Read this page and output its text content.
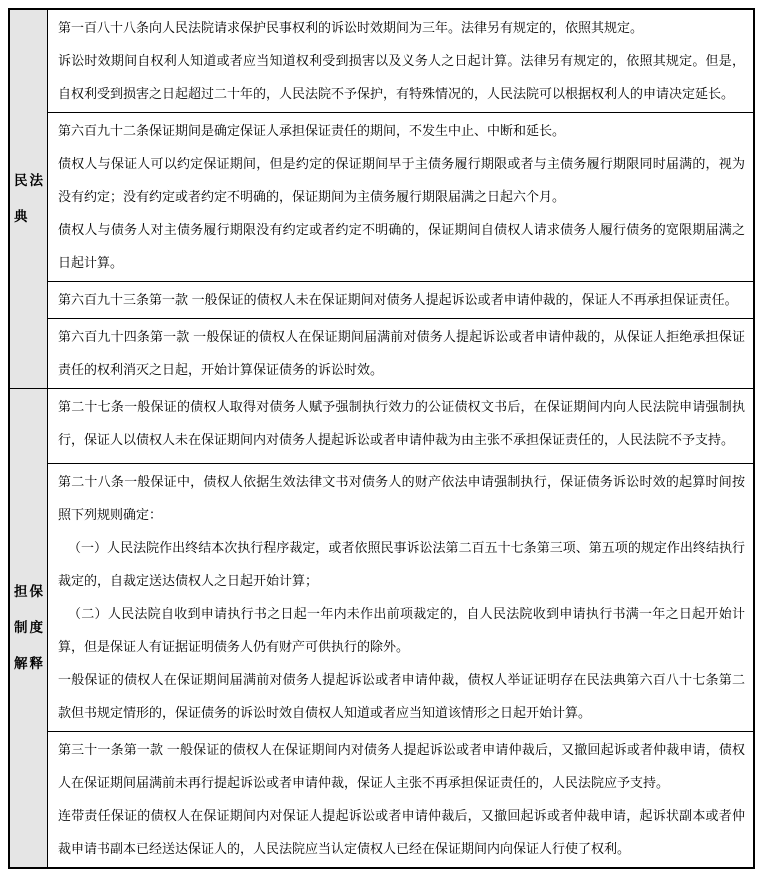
民法
典

第一百八十八条向人民法院请求保护民事权利的诉讼时效期间为三年。法律另有规定的，依照其规定。

诉讼时效期间自权利人知道或者应当知道权利受到损害以及义务人之日起计算。法律另有规定的，依照其规定。但是，自权利受到损害之日起超过二十年的，人民法院不予保护，有特殊情况的，人民法院可以根据权利人的申请决定延长。

第六百九十二条保证期间是确定保证人承担保证责任的期间，不发生中止、中断和延长。

债权人与保证人可以约定保证期间，但是约定的保证期间早于主债务履行期限或者与主债务履行期限同时届满的，视为没有约定；没有约定或者约定不明确的，保证期间为主债务履行期限届满之日起六个月。

债权人与债务人对主债务履行期限没有约定或者约定不明确的，保证期间自债权人请求债务人履行债务的宽限期届满之日起计算。

第六百九十三条第一款 一般保证的债权人未在保证期间对债务人提起诉讼或者申请仲裁的，保证人不再承担保证责任。

第六百九十四条第一款 一般保证的债权人在保证期间届满前对债务人提起诉讼或者申请仲裁的，从保证人拒绝承担保证责任的权利消灭之日起，开始计算保证债务的诉讼时效。

担保
制度
解释

第二十七条一般保证的债权人取得对债务人赋予强制执行效力的公证债权文书后，在保证期间内向人民法院申请强制执行，保证人以债权人未在保证期间内对债务人提起诉讼或者申请仲裁为由主张不承担保证责任的，人民法院不予支持。

第二十八条一般保证中，债权人依据生效法律文书对债务人的财产依法申请强制执行，保证债务诉讼时效的起算时间按照下列规则确定：

（一）人民法院作出终结本次执行程序裁定，或者依照民事诉讼法第二百五十七条第三项、第五项的规定作出终结执行裁定的，自裁定送达债权人之日起开始计算；

（二）人民法院自收到申请执行书之日起一年内未作出前项裁定的，自人民法院收到申请执行书满一年之日起开始计算，但是保证人有证据证明债务人仍有财产可供执行的除外。

一般保证的债权人在保证期间届满前对债务人提起诉讼或者申请仲裁，债权人举证证明存在民法典第六百八十七条第二款但书规定情形的，保证债务的诉讼时效自债权人知道或者应当知道该情形之日起开始计算。

第三十一条第一款 一般保证的债权人在保证期间内对债务人提起诉讼或者申请仲裁后，又撤回起诉或者仲裁申请，债权人在保证期间届满前未再行提起诉讼或者申请仲裁，保证人主张不再承担保证责任的，人民法院应予支持。

连带责任保证的债权人在保证期间内对保证人提起诉讼或者申请仲裁后，又撤回起诉或者仲裁申请，起诉状副本或者仲裁申请书副本已经送达保证人的，人民法院应当认定债权人已经在保证期间内向保证人行使了权利。
